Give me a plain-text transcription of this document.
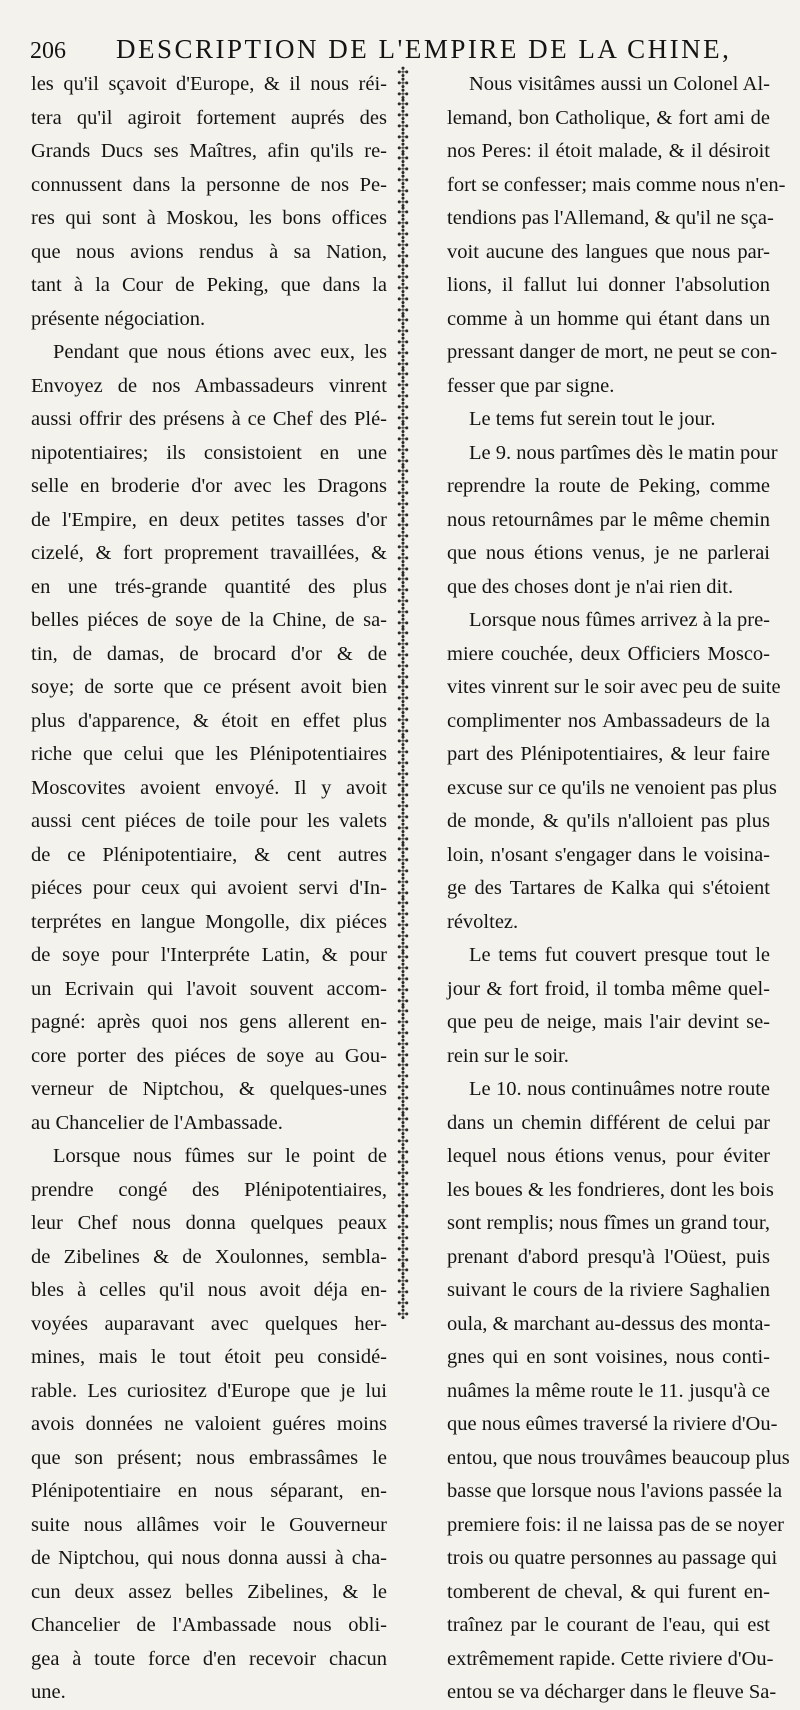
206 DESCRIPTION DE L'EMPIRE DE LA CHINE,
les qu'il sçavoit d'Europe, & il nous réi-
tera qu'il agiroit fortement auprés des
Grands Ducs ses Maîtres, afin qu'ils re-
connussent dans la personne de nos Pe-
res qui sont à Moskou, les bons offices
que nous avions rendus à sa Nation,
tant à la Cour de Peking, que dans la
présente négociation.
Pendant que nous étions avec eux, les
Envoyez de nos Ambassadeurs vinrent
aussi offrir des présens à ce Chef des Plé-
nipotentiaires; ils consistoient en une
selle en broderie d'or avec les Dragons
de l'Empire, en deux petites tasses d'or
cizelé, & fort proprement travaillées, &
en une trés-grande quantité des plus
belles piéces de soye de la Chine, de sa-
tin, de damas, de brocard d'or & de
soye; de sorte que ce présent avoit bien
plus d'apparence, & étoit en effet plus
riche que celui que les Plénipotentiaires
Moscovites avoient envoyé. Il y avoit
aussi cent piéces de toile pour les valets
de ce Plénipotentiaire, & cent autres
piéces pour ceux qui avoient servi d'In-
terprétes en langue Mongolle, dix piéces
de soye pour l'Interpréte Latin, & pour
un Ecrivain qui l'avoit souvent accom-
pagné: après quoi nos gens allerent en-
core porter des piéces de soye au Gou-
verneur de Niptchou, & quelques-unes
au Chancelier de l'Ambassade.
Lorsque nous fûmes sur le point de
prendre congé des Plénipotentiaires,
leur Chef nous donna quelques peaux
de Zibelines & de Xoulonnes, sembla-
bles à celles qu'il nous avoit déja en-
voyées auparavant avec quelques her-
mines, mais le tout étoit peu considé-
rable. Les curiositez d'Europe que je lui
avois données ne valoient guéres moins
que son présent; nous embrassâmes le
Plénipotentiaire en nous séparant, en-
suite nous allâmes voir le Gouverneur
de Niptchou, qui nous donna aussi à cha-
cun deux assez belles Zibelines, & le
Chancelier de l'Ambassade nous obli-
gea à toute force d'en recevoir chacun
une.
✣✣✣✣✣✣✣✣✣✣✣✣✣✣✣✣✣✣✣✣✣✣✣✣✣✣✣✣✣✣✣✣✣✣✣✣✣✣✣✣✣✣✣✣✣✣✣✣✣✣✣✣✣✣✣✣✣✣✣✣✣✣✣✣✣✣✣✣✣✣✣✣✣✣✣✣✣✣✣✣✣✣✣✣✣✣✣✣✣✣✣✣✣✣✣✣✣✣✣✣✣✣✣✣✣✣✣✣✣✣✣✣✣✣✣✣
Nous visitâmes aussi un Colonel Al-
lemand, bon Catholique, & fort ami de
nos Peres: il étoit malade, & il désiroit
fort se confesser; mais comme nous n'en-
tendions pas l'Allemand, & qu'il ne sça-
voit aucune des langues que nous par-
lions, il fallut lui donner l'absolution
comme à un homme qui étant dans un
pressant danger de mort, ne peut se con-
fesser que par signe.
Le tems fut serein tout le jour.
Le 9. nous partîmes dès le matin pour
reprendre la route de Peking, comme
nous retournâmes par le même chemin
que nous étions venus, je ne parlerai
que des choses dont je n'ai rien dit.
Lorsque nous fûmes arrivez à la pre-
miere couchée, deux Officiers Mosco-
vites vinrent sur le soir avec peu de suite
complimenter nos Ambassadeurs de la
part des Plénipotentiaires, & leur faire
excuse sur ce qu'ils ne venoient pas plus
de monde, & qu'ils n'alloient pas plus
loin, n'osant s'engager dans le voisina-
ge des Tartares de Kalka qui s'étoient
révoltez.
Le tems fut couvert presque tout le
jour & fort froid, il tomba même quel-
que peu de neige, mais l'air devint se-
rein sur le soir.
Le 10. nous continuâmes notre route
dans un chemin différent de celui par
lequel nous étions venus, pour éviter
les boues & les fondrieres, dont les bois
sont remplis; nous fîmes un grand tour,
prenant d'abord presqu'à l'Oüest, puis
suivant le cours de la riviere Saghalien
oula, & marchant au-dessus des monta-
gnes qui en sont voisines, nous conti-
nuâmes la même route le 11. jusqu'à ce
que nous eûmes traversé la riviere d'Ou-
entou, que nous trouvâmes beaucoup plus
basse que lorsque nous l'avions passée la
premiere fois: il ne laissa pas de se noyer
trois ou quatre personnes au passage qui
tomberent de cheval, & qui furent en-
traînez par le courant de l'eau, qui est
extrêmement rapide. Cette riviere d'Ou-
entou se va décharger dans le fleuve Sa-
